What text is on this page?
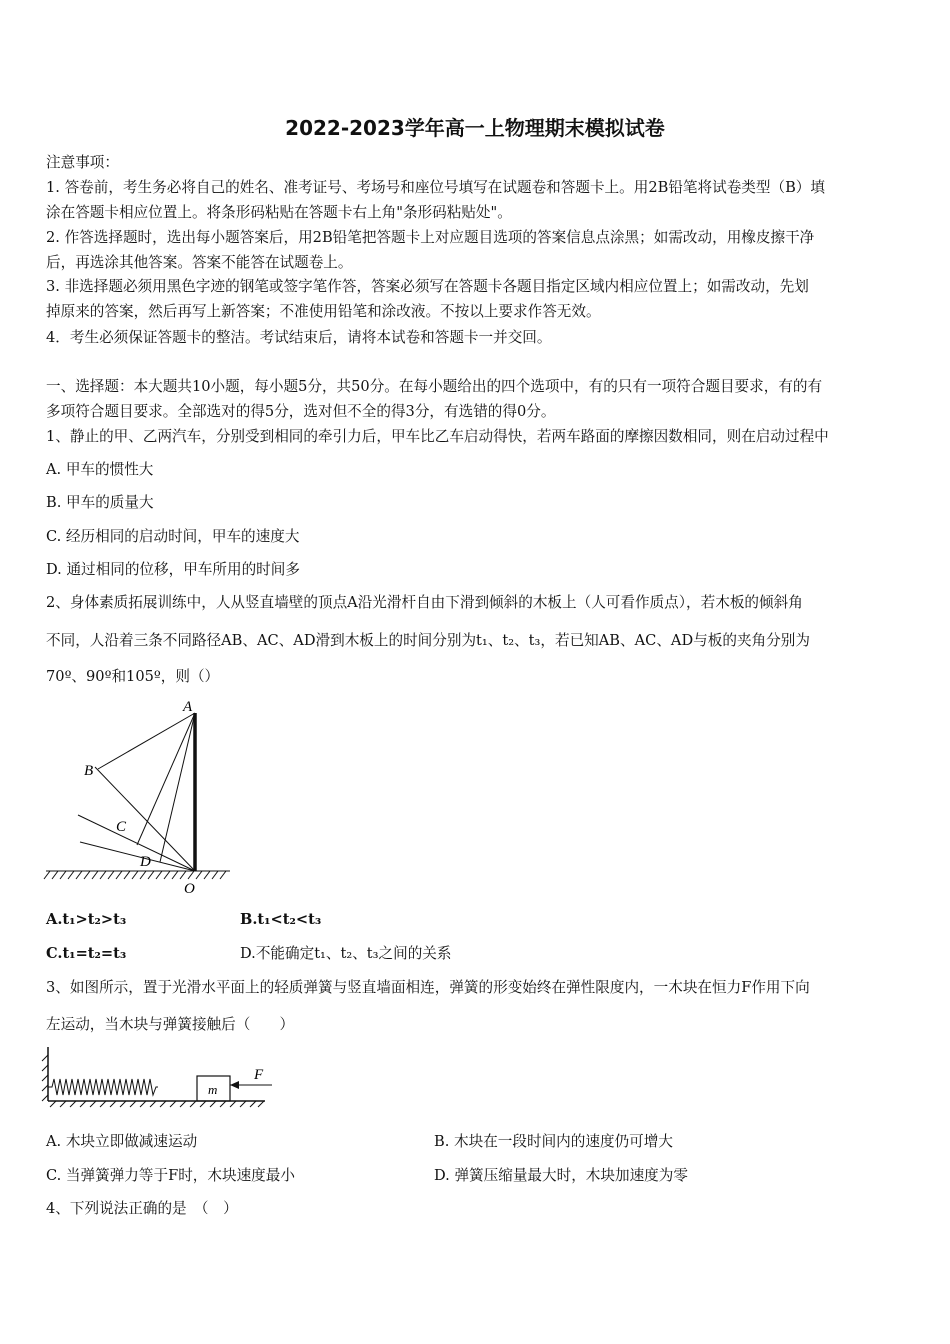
2022-2023学年高一上物理期末模拟试卷
注意事项：
1. 答卷前，考生务必将自己的姓名、准考证号、考场号和座位号填写在试题卷和答题卡上。用2B铅笔将试卷类型（B）填
涂在答题卡相应位置上。将条形码粘贴在答题卡右上角"条形码粘贴处"。
2. 作答选择题时，选出每小题答案后，用2B铅笔把答题卡上对应题目选项的答案信息点涂黑；如需改动，用橡皮擦干净
后，再选涂其他答案。答案不能答在试题卷上。
3. 非选择题必须用黑色字迹的钢笔或签字笔作答，答案必须写在答题卡各题目指定区域内相应位置上；如需改动，先划
掉原来的答案，然后再写上新答案；不准使用铅笔和涂改液。不按以上要求作答无效。
4．考生必须保证答题卡的整洁。考试结束后，请将本试卷和答题卡一并交回。
一、选择题：本大题共10小题，每小题5分，共50分。在每小题给出的四个选项中，有的只有一项符合题目要求，有的有
多项符合题目要求。全部选对的得5分，选对但不全的得3分，有选错的得0分。
1、静止的甲、乙两汽车，分别受到相同的牵引力后，甲车比乙车启动得快，若两车路面的摩擦因数相同，则在启动过程中
A. 甲车的惯性大
B. 甲车的质量大
C. 经历相同的启动时间，甲车的速度大
D. 通过相同的位移，甲车所用的时间多
2、身体素质拓展训练中，人从竖直墙壁的顶点A沿光滑杆自由下滑到倾斜的木板上（人可看作质点），若木板的倾斜角
不同，人沿着三条不同路径AB、AC、AD滑到木板上的时间分别为t₁、t₂、t₃，若已知AB、AC、AD与板的夹角分别为
70º、90º和105º，则（）
A
B
C
D
O
A.t₁>t₂>t₃	B.t₁<t₂<t₃
C.t₁=t₂=t₃	D.不能确定t₁、t₂、t₃之间的关系
3、如图所示，置于光滑水平面上的轻质弹簧与竖直墙面相连，弹簧的形变始终在弹性限度内，一木块在恒力F作用下向
左运动，当木块与弹簧接触后（　　）
m
F
A. 木块立即做减速运动	B. 木块在一段时间内的速度仍可增大
C. 当弹簧弹力等于F时，木块速度最小	D. 弹簧压缩量最大时，木块加速度为零
4、下列说法正确的是　（　）
